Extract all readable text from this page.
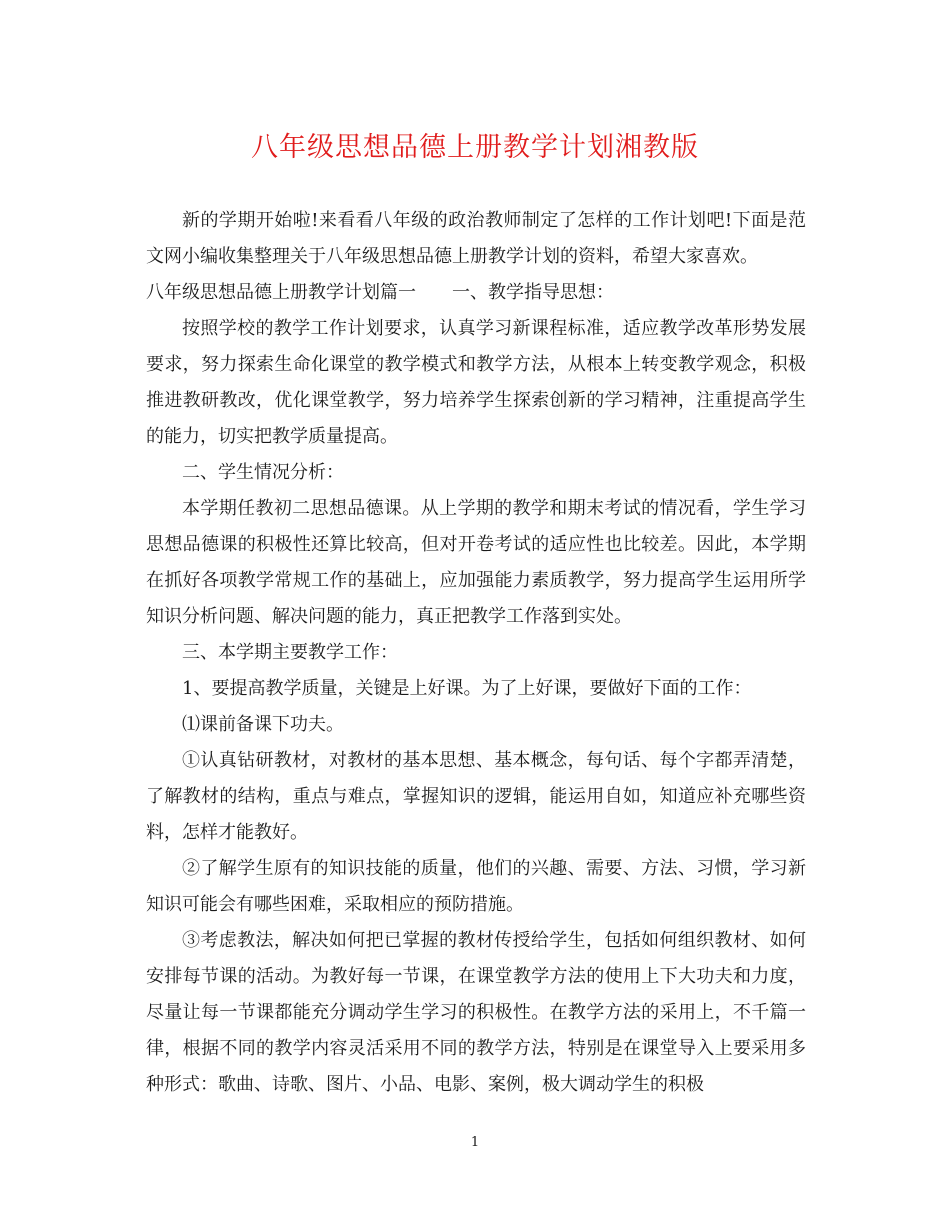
八年级思想品德上册教学计划湘教版

新的学期开始啦!来看看八年级的政治教师制定了怎样的工作计划吧!下面是范文网小编收集整理关于八年级思想品德上册教学计划的资料，希望大家喜欢。

八年级思想品德上册教学计划篇一　　一、教学指导思想：

按照学校的教学工作计划要求，认真学习新课程标准，适应教学改革形势发展要求，努力探索生命化课堂的教学模式和教学方法，从根本上转变教学观念，积极推进教研教改，优化课堂教学，努力培养学生探索创新的学习精神，注重提高学生的能力，切实把教学质量提高。

二、学生情况分析：

本学期任教初二思想品德课。从上学期的教学和期末考试的情况看，学生学习思想品德课的积极性还算比较高，但对开卷考试的适应性也比较差。因此，本学期在抓好各项教学常规工作的基础上，应加强能力素质教学，努力提高学生运用所学知识分析问题、解决问题的能力，真正把教学工作落到实处。

三、本学期主要教学工作：

1、要提高教学质量，关键是上好课。为了上好课，要做好下面的工作：

⑴课前备课下功夫。

①认真钻研教材，对教材的基本思想、基本概念，每句话、每个字都弄清楚，了解教材的结构，重点与难点，掌握知识的逻辑，能运用自如，知道应补充哪些资料，怎样才能教好。

②了解学生原有的知识技能的质量，他们的兴趣、需要、方法、习惯，学习新知识可能会有哪些困难，采取相应的预防措施。

③考虑教法，解决如何把已掌握的教材传授给学生，包括如何组织教材、如何安排每节课的活动。为教好每一节课，在课堂教学方法的使用上下大功夫和力度，尽量让每一节课都能充分调动学生学习的积极性。在教学方法的采用上，不千篇一律，根据不同的教学内容灵活采用不同的教学方法，特别是在课堂导入上要采用多种形式：歌曲、诗歌、图片、小品、电影、案例，极大调动学生的积极

1
